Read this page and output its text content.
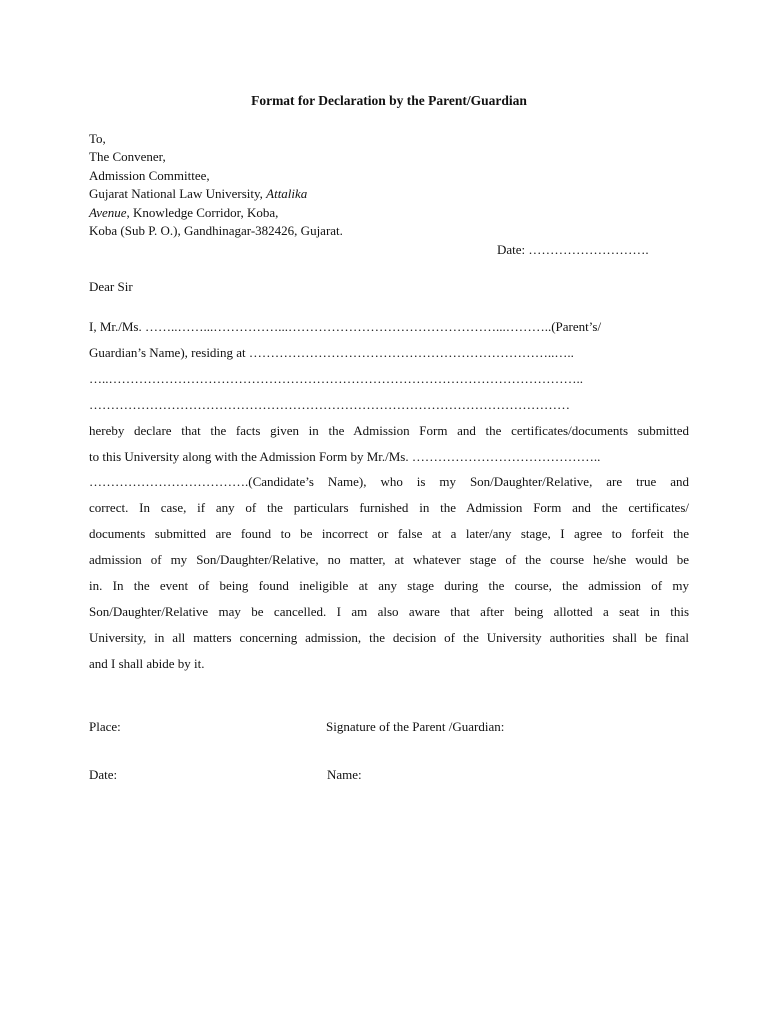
Format for Declaration by the Parent/Guardian
To,
The Convener,
Admission Committee,
Gujarat National Law University, Attalika
Avenue, Knowledge Corridor, Koba,
Koba (Sub P. O.), Gandhinagar-382426, Gujarat.
Date: ……………………….
Dear Sir
I, Mr./Ms. ……..……...……………...…………………………………………...………..(Parent’s/
Guardian’s Name), residing at ……………………………………………………………..…..
…..………………………………………………………………………………………………..
…………………………………………………………………………………………………
hereby declare that the facts given in the Admission Form and the certificates/documents submitted
to this University along with the Admission Form by Mr./Ms. ……………………………………..
……………………………….(Candidate’s Name), who is my Son/Daughter/Relative, are true and
correct. In case, if any of the particulars furnished in the Admission Form and the certificates/
documents submitted are found to be incorrect or false at a later/any stage, I agree to forfeit the
admission of my Son/Daughter/Relative, no matter, at whatever stage of the course he/she would be
in. In the event of being found ineligible at any stage during the course, the admission of my
Son/Daughter/Relative may be cancelled. I am also aware that after being allotted a seat in this
University, in all matters concerning admission, the decision of the University authorities shall be final
and I shall abide by it.
Place:	Signature of the Parent /Guardian:
Date:	Name:
